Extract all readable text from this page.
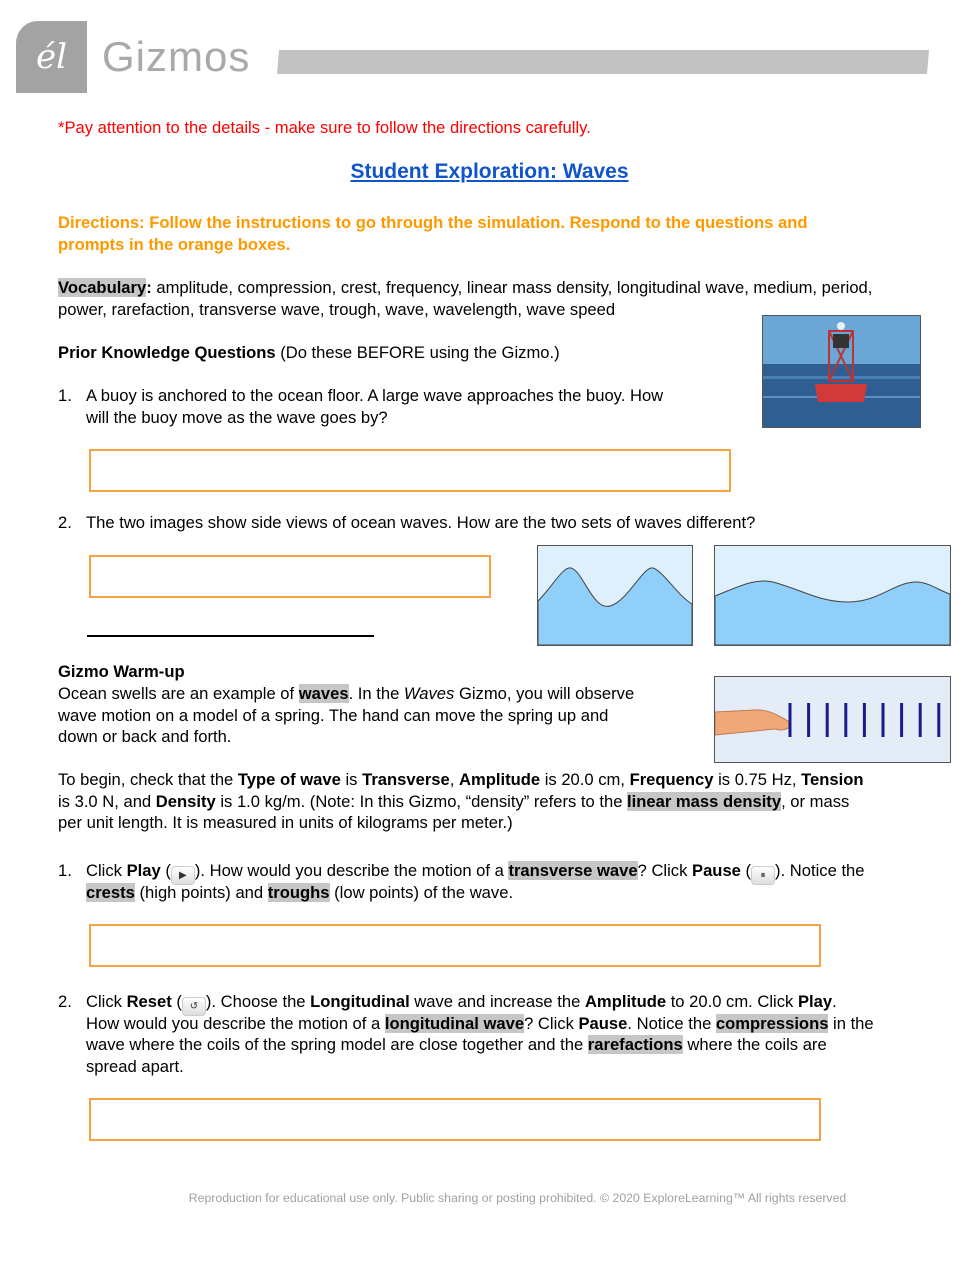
él Gizmos
*Pay attention to the details - make sure to follow the directions carefully.
Student Exploration: Waves
Directions: Follow the instructions to go through the simulation. Respond to the questions and
prompts in the orange boxes.
Vocabulary: amplitude, compression, crest, frequency, linear mass density, longitudinal wave, medium, period,
power, rarefaction, transverse wave, trough, wave, wavelength, wave speed
Prior Knowledge Questions (Do these BEFORE using the Gizmo.)
1. A buoy is anchored to the ocean floor. A large wave approaches the buoy. How
will the buoy move as the wave goes by?
2. The two images show side views of ocean waves. How are the two sets of waves different?
Gizmo Warm-up
Ocean swells are an example of waves. In the Waves Gizmo, you will observe
wave motion on a model of a spring. The hand can move the spring up and
down or back and forth.
To begin, check that the Type of wave is Transverse, Amplitude is 20.0 cm, Frequency is 0.75 Hz, Tension
is 3.0 N, and Density is 1.0 kg/m. (Note: In this Gizmo, “density” refers to the linear mass density, or mass
per unit length. It is measured in units of kilograms per meter.)
1. Click Play ( ▶ ). How would you describe the motion of a transverse wave? Click Pause ( ⏸ ). Notice the
crests (high points) and troughs (low points) of the wave.
2. Click Reset ( ↺ ). Choose the Longitudinal wave and increase the Amplitude to 20.0 cm. Click Play.
How would you describe the motion of a longitudinal wave? Click Pause. Notice the compressions in the
wave where the coils of the spring model are close together and the rarefactions where the coils are
spread apart.
Reproduction for educational use only. Public sharing or posting prohibited. © 2020 ExploreLearning™ All rights reserved
